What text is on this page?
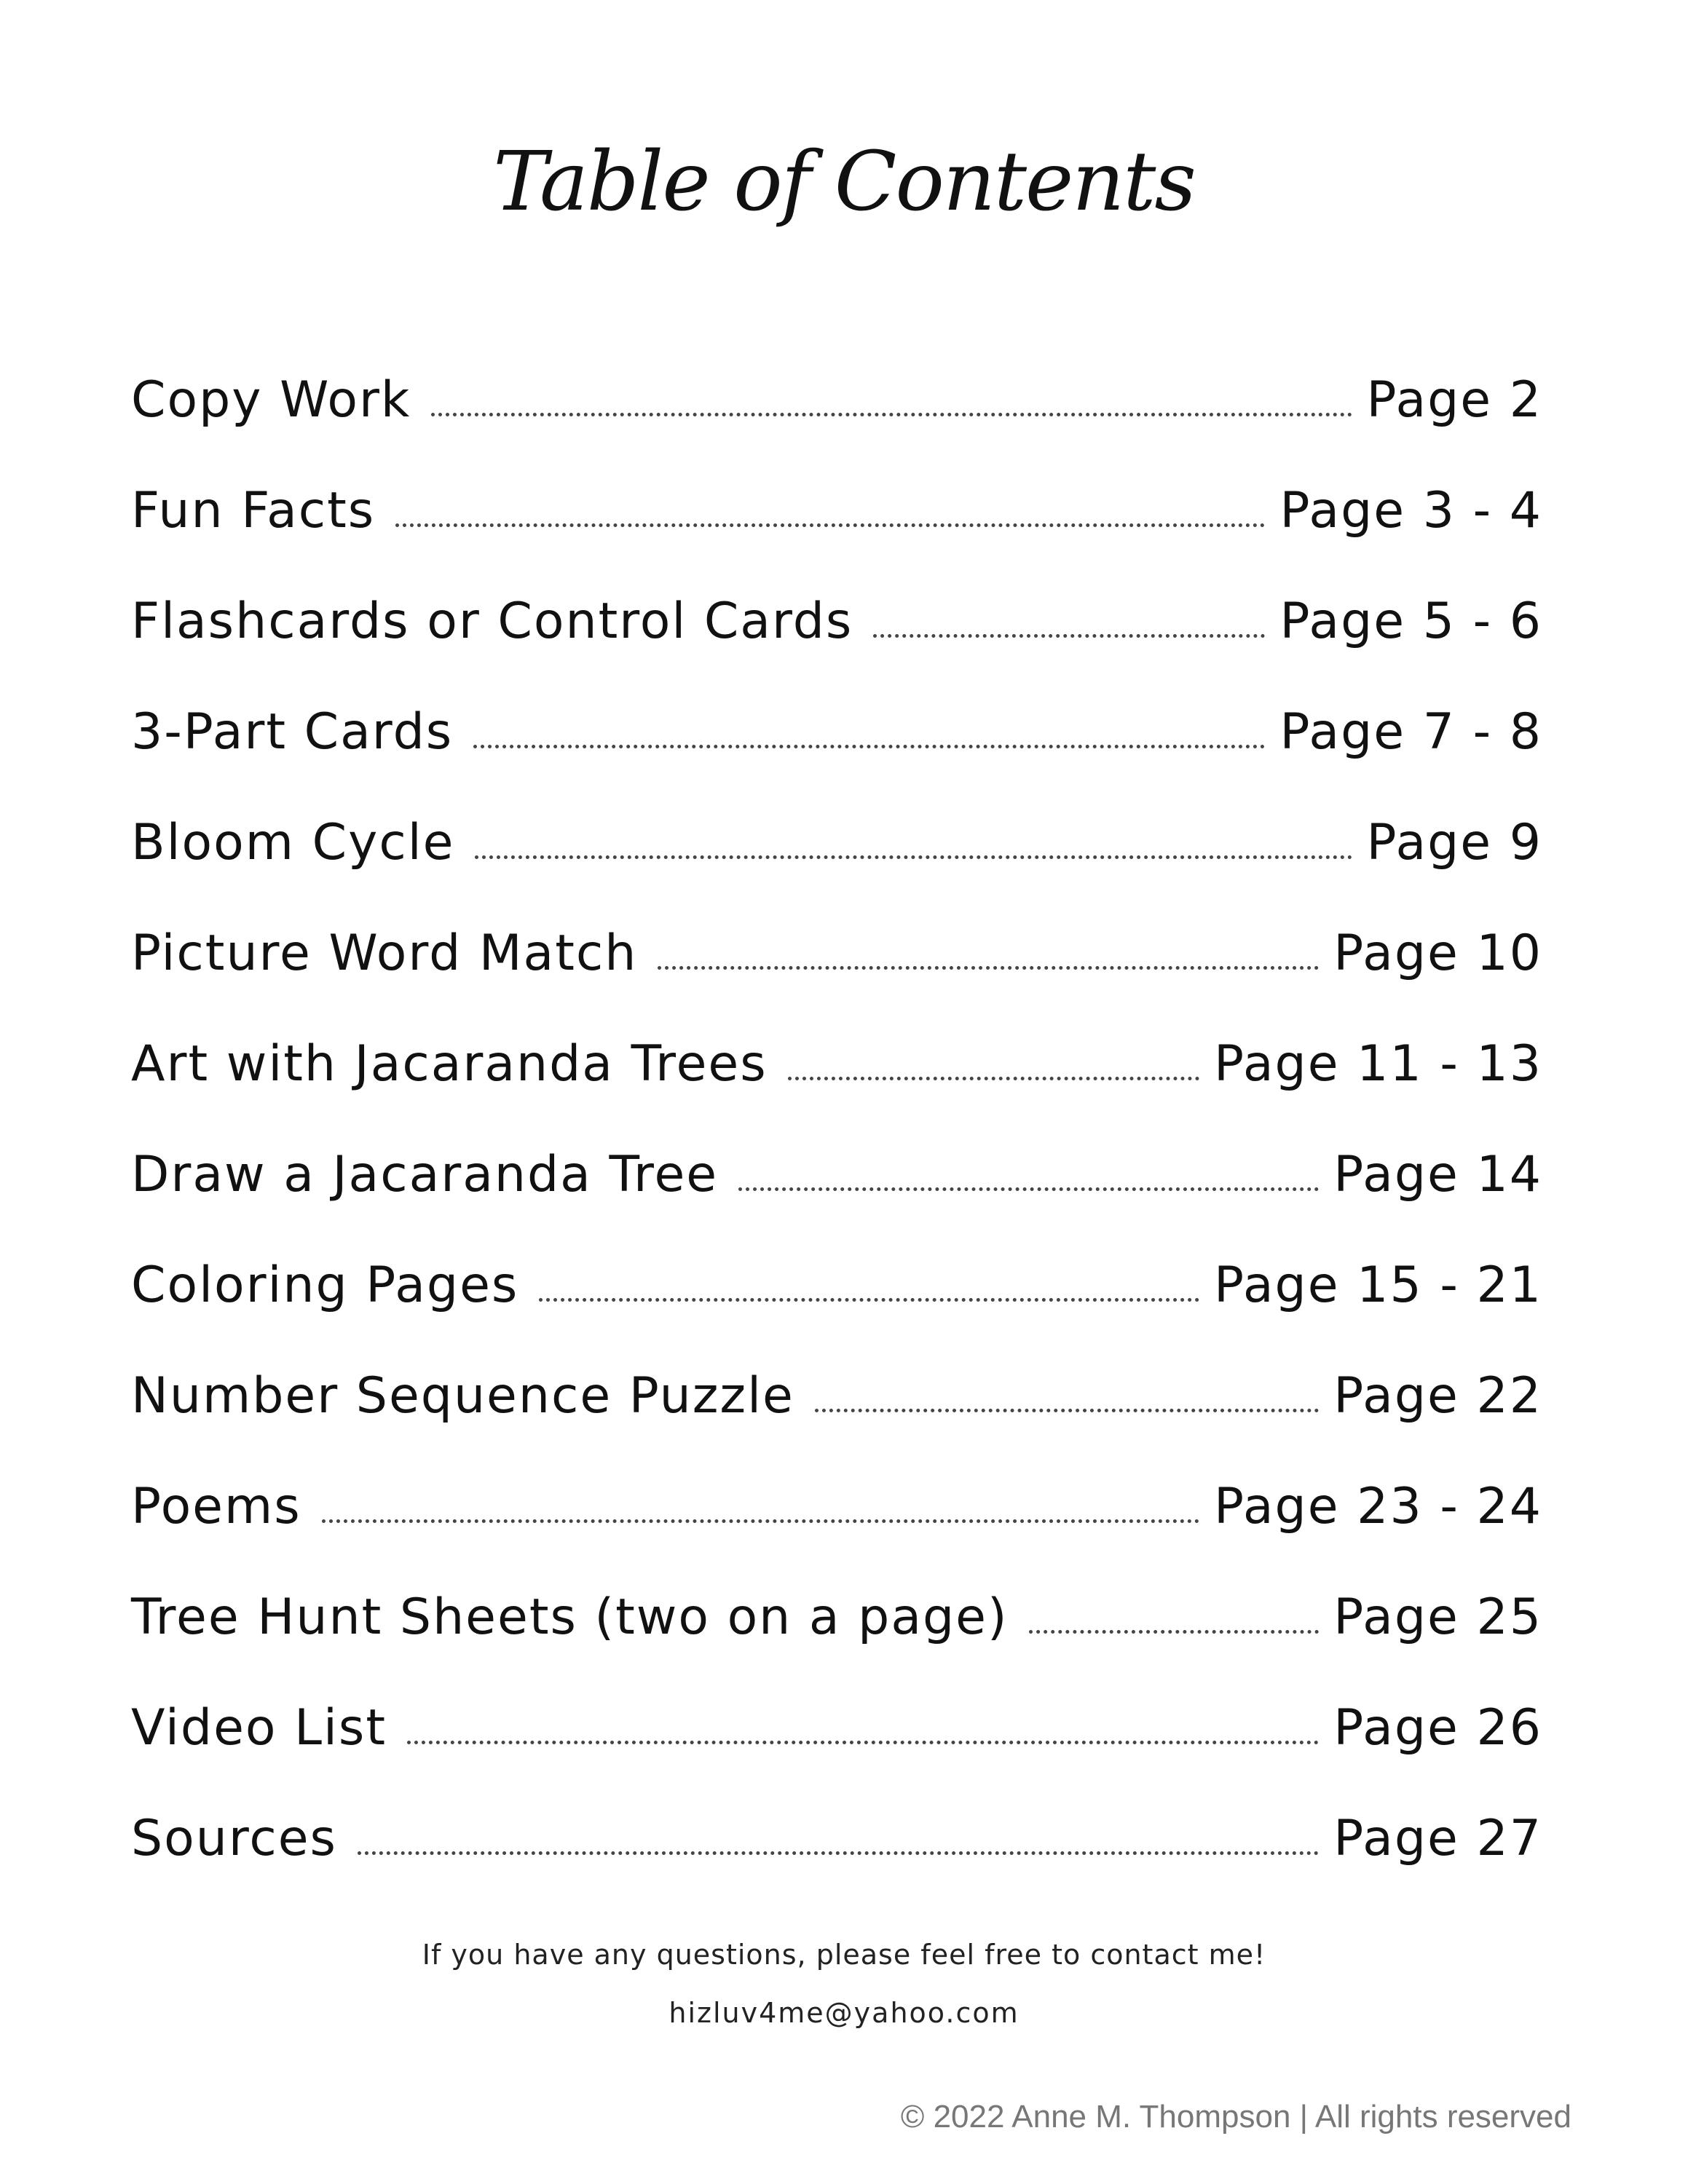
Table of Contents
Copy Work	Page 2
Fun Facts	Page 3 - 4
Flashcards or Control Cards	Page 5 - 6
3-Part Cards	Page 7 - 8
Bloom Cycle	Page 9
Picture Word Match	Page 10
Art with Jacaranda Trees	Page 11 - 13
Draw a Jacaranda Tree	Page 14
Coloring Pages	Page 15 - 21
Number Sequence Puzzle	Page 22
Poems	Page 23 - 24
Tree Hunt Sheets (two on a page)	Page 25
Video List	Page 26
Sources	Page 27
If you have any questions, please feel free to contact me!
hizluv4me@yahoo.com
© 2022 Anne M. Thompson | All rights reserved
